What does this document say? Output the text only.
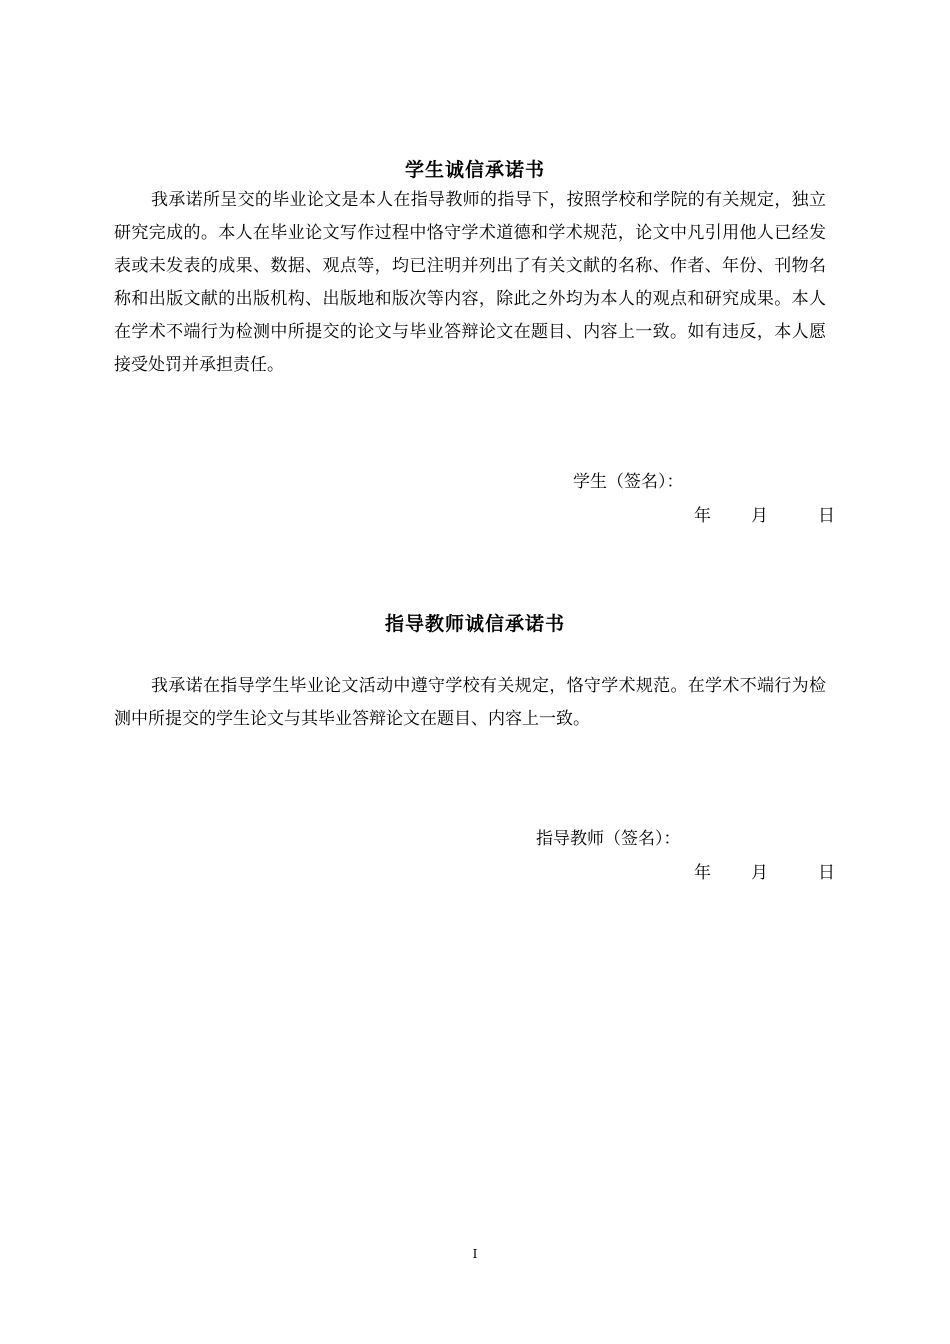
学生诚信承诺书
我承诺所呈交的毕业论文是本人在指导教师的指导下，按照学校和学院的有关规定，独立研究完成的。本人在毕业论文写作过程中恪守学术道德和学术规范，论文中凡引用他人已经发表或未发表的成果、数据、观点等，均已注明并列出了有关文献的名称、作者、年份、刊物名称和出版文献的出版机构、出版地和版次等内容，除此之外均为本人的观点和研究成果。本人在学术不端行为检测中所提交的论文与毕业答辩论文在题目、内容上一致。如有违反，本人愿接受处罚并承担责任。
学生（签名）：
年 月	日
指导教师诚信承诺书
我承诺在指导学生毕业论文活动中遵守学校有关规定，恪守学术规范。在学术不端行为检测中所提交的学生论文与其毕业答辩论文在题目、内容上一致。
指导教师（签名）：
年 月	日
I
